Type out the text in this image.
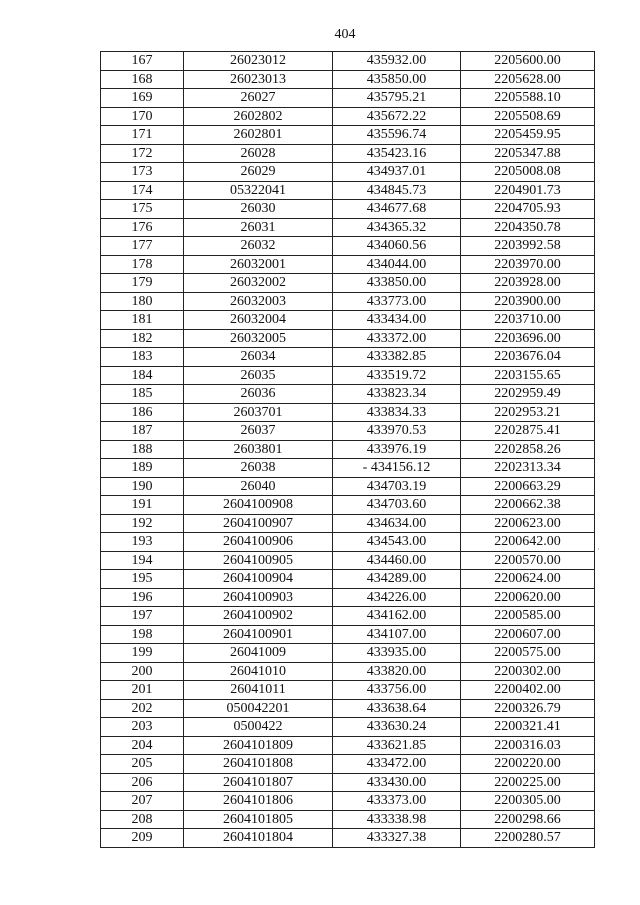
404
167	26023012	435932.00	2205600.00
168	26023013	435850.00	2205628.00
169	26027	435795.21	2205588.10
170	2602802	435672.22	2205508.69
171	2602801	435596.74	2205459.95
172	26028	435423.16	2205347.88
173	26029	434937.01	2205008.08
174	05322041	434845.73	2204901.73
175	26030	434677.68	2204705.93
176	26031	434365.32	2204350.78
177	26032	434060.56	2203992.58
178	26032001	434044.00	2203970.00
179	26032002	433850.00	2203928.00
180	26032003	433773.00	2203900.00
181	26032004	433434.00	2203710.00
182	26032005	433372.00	2203696.00
183	26034	433382.85	2203676.04
184	26035	433519.72	2203155.65
185	26036	433823.34	2202959.49
186	2603701	433834.33	2202953.21
187	26037	433970.53	2202875.41
188	2603801	433976.19	2202858.26
189	26038	- 434156.12	2202313.34
190	26040	434703.19	2200663.29
191	2604100908	434703.60	2200662.38
192	2604100907	434634.00	2200623.00
193	2604100906	434543.00	2200642.00
194	2604100905	434460.00	2200570.00
195	2604100904	434289.00	2200624.00
196	2604100903	434226.00	2200620.00
197	2604100902	434162.00	2200585.00
198	2604100901	434107.00	2200607.00
199	26041009	433935.00	2200575.00
200	26041010	433820.00	2200302.00
201	26041011	433756.00	2200402.00
202	050042201	433638.64	2200326.79
203	0500422	433630.24	2200321.41
204	2604101809	433621.85	2200316.03
205	2604101808	433472.00	2200220.00
206	2604101807	433430.00	2200225.00
207	2604101806	433373.00	2200305.00
208	2604101805	433338.98	2200298.66
209	2604101804	433327.38	2200280.57
·
